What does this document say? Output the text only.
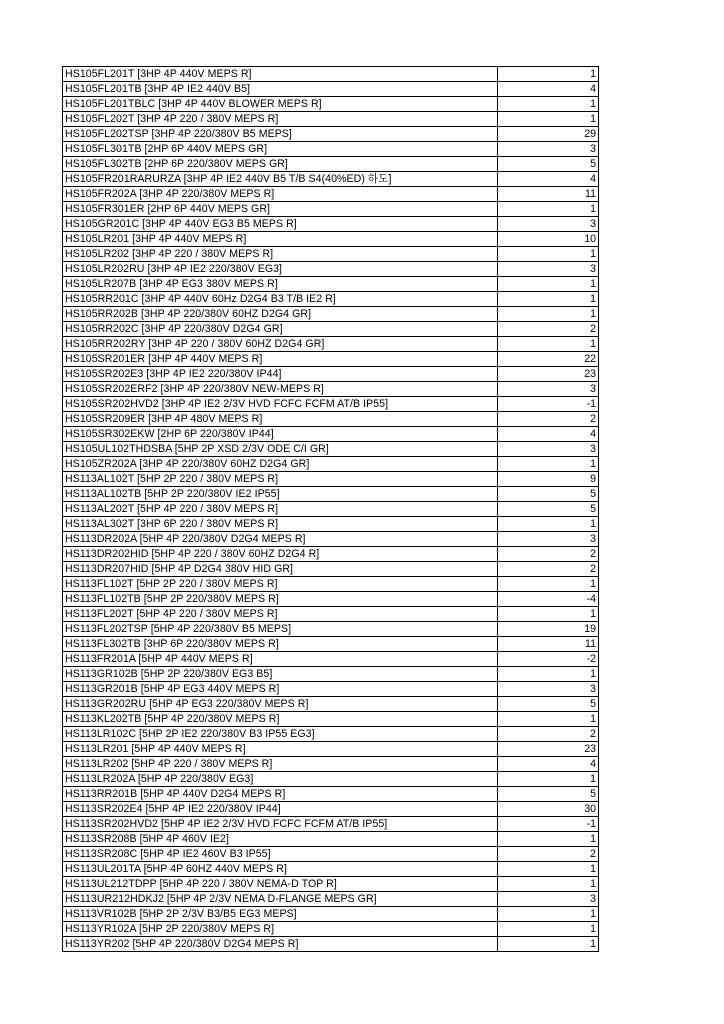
HS105FL201T [3HP 4P 440V MEPS R]	1
HS105FL201TB [3HP 4P IE2 440V B5]	4
HS105FL201TBLC [3HP 4P 440V BLOWER MEPS R]	1
HS105FL202T [3HP 4P 220 / 380V MEPS R]	1
HS105FL202TSP [3HP 4P 220/380V B5 MEPS]	29
HS105FL301TB [2HP 6P 440V MEPS GR]	3
HS105FL302TB [2HP 6P 220/380V MEPS GR]	5
HS105FR201RARURZA [3HP 4P IE2 440V B5 T/B S4(40%ED) 하도]	4
HS105FR202A [3HP 4P 220/380V MEPS R]	11
HS105FR301ER [2HP 6P 440V MEPS GR]	1
HS105GR201C [3HP 4P 440V EG3 B5 MEPS R]	3
HS105LR201 [3HP 4P 440V MEPS R]	10
HS105LR202 [3HP 4P 220 / 380V MEPS R]	1
HS105LR202RU [3HP 4P IE2 220/380V EG3]	3
HS105LR207B [3HP 4P EG3 380V MEPS R]	1
HS105RR201C [3HP 4P 440V 60Hz D2G4 B3 T/B IE2 R]	1
HS105RR202B [3HP 4P 220/380V 60HZ D2G4 GR]	1
HS105RR202C [3HP 4P 220/380V D2G4 GR]	2
HS105RR202RY [3HP 4P 220 / 380V 60HZ D2G4 GR]	1
HS105SR201ER [3HP 4P 440V MEPS R]	22
HS105SR202E3 [3HP 4P IE2 220/380V IP44]	23
HS105SR202ERF2 [3HP 4P 220/380V NEW-MEPS R]	3
HS105SR202HVD2 [3HP 4P IE2 2/3V HVD FCFC FCFM AT/B IP55]	-1
HS105SR209ER [3HP 4P 480V MEPS R]	2
HS105SR302EKW [2HP 6P 220/380V IP44]	4
HS105UL102THDSBA [5HP 2P XSD 2/3V ODE C/I GR]	3
HS105ZR202A [3HP 4P 220/380V 60HZ D2G4 GR]	1
HS113AL102T [5HP 2P 220 / 380V MEPS R]	9
HS113AL102TB [5HP 2P 220/380V IE2 IP55]	5
HS113AL202T [5HP 4P 220 / 380V MEPS R]	5
HS113AL302T [3HP 6P 220 / 380V MEPS R]	1
HS113DR202A [5HP 4P 220/380V D2G4 MEPS R]	3
HS113DR202HID [5HP 4P 220 / 380V 60HZ D2G4 R]	2
HS113DR207HID [5HP 4P D2G4 380V HID GR]	2
HS113FL102T [5HP 2P 220 / 380V MEPS R]	1
HS113FL102TB [5HP 2P 220/380V MEPS R]	-4
HS113FL202T [5HP 4P 220 / 380V MEPS R]	1
HS113FL202TSP [5HP 4P 220/380V B5 MEPS]	19
HS113FL302TB [3HP 6P 220/380V MEPS R]	11
HS113FR201A [5HP 4P 440V MEPS R]	-2
HS113GR102B [5HP 2P 220/380V EG3 B5]	1
HS113GR201B [5HP 4P EG3 440V MEPS R]	3
HS113GR202RU [5HP 4P EG3 220/380V MEPS R]	5
HS113KL202TB [5HP 4P 220/380V MEPS R]	1
HS113LR102C [5HP 2P IE2 220/380V B3 IP55 EG3]	2
HS113LR201 [5HP 4P 440V MEPS R]	23
HS113LR202 [5HP 4P 220 / 380V MEPS R]	4
HS113LR202A [5HP 4P 220/380V EG3]	1
HS113RR201B [5HP 4P 440V D2G4 MEPS R]	5
HS113SR202E4 [5HP 4P IE2 220/380V IP44]	30
HS113SR202HVD2 [5HP 4P IE2 2/3V HVD FCFC FCFM AT/B IP55]	-1
HS113SR208B [5HP 4P 460V IE2]	1
HS113SR208C [5HP 4P IE2 460V B3 IP55]	2
HS113UL201TA [5HP 4P 60HZ 440V MEPS R]	1
HS113UL212TDPP [5HP 4P 220 / 380V NEMA-D TOP R]	1
HS113UR212HDKJ2 [5HP 4P 2/3V NEMA D-FLANGE MEPS GR]	3
HS113VR102B [5HP 2P 2/3V B3/B5 EG3 MEPS]	1
HS113YR102A [5HP 2P 220/380V MEPS R]	1
HS113YR202 [5HP 4P 220/380V D2G4 MEPS R]	1
